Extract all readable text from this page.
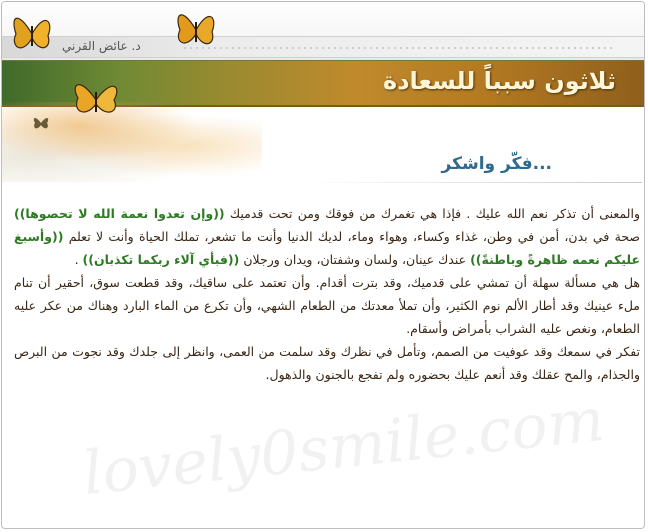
د. عائض القرني
ثلاثون سبباً للسعادة
فكّر واشكر...
lovely0smile.com

والمعنى أن تذكر نعم الله عليك . فإذا هي تغمرك من فوقك ومن تحت قدميك ((وإن تعدوا نعمة الله لا تحصوها)) صحة في بدن، أمن في وطن، غذاء وكساء، وهواء وماء، لديك الدنيا وأنت ما تشعر، تملك الحياة وأنت لا تعلم ((وأسبغ عليكم نعمه ظاهرةً وباطنةً)) عندك عينان، ولسان وشفتان، ويدان ورجلان ((فبأي آلاء ربكما تكذبان)) .

هل هي مسألة سهلة أن تمشي على قدميك، وقد بترت أقدام. وأن تعتمد على ساقيك، وقد قطعت سوق، أحقير أن تنام ملء عينيك وقد أطار الألم نوم الكثير، وأن تملأ معدتك من الطعام الشهي، وأن تكرع من الماء البارد وهناك من عكر عليه الطعام، ونغص عليه الشراب بأمراض وأسقام.

تفكر في سمعك وقد عوفيت من الصمم، وتأمل في نظرك وقد سلمت من العمى، وانظر إلى جلدك وقد نجوت من البرص والجذام، والمح عقلك وقد أنعم عليك بحضوره ولم تفجع بالجنون والذهول.
